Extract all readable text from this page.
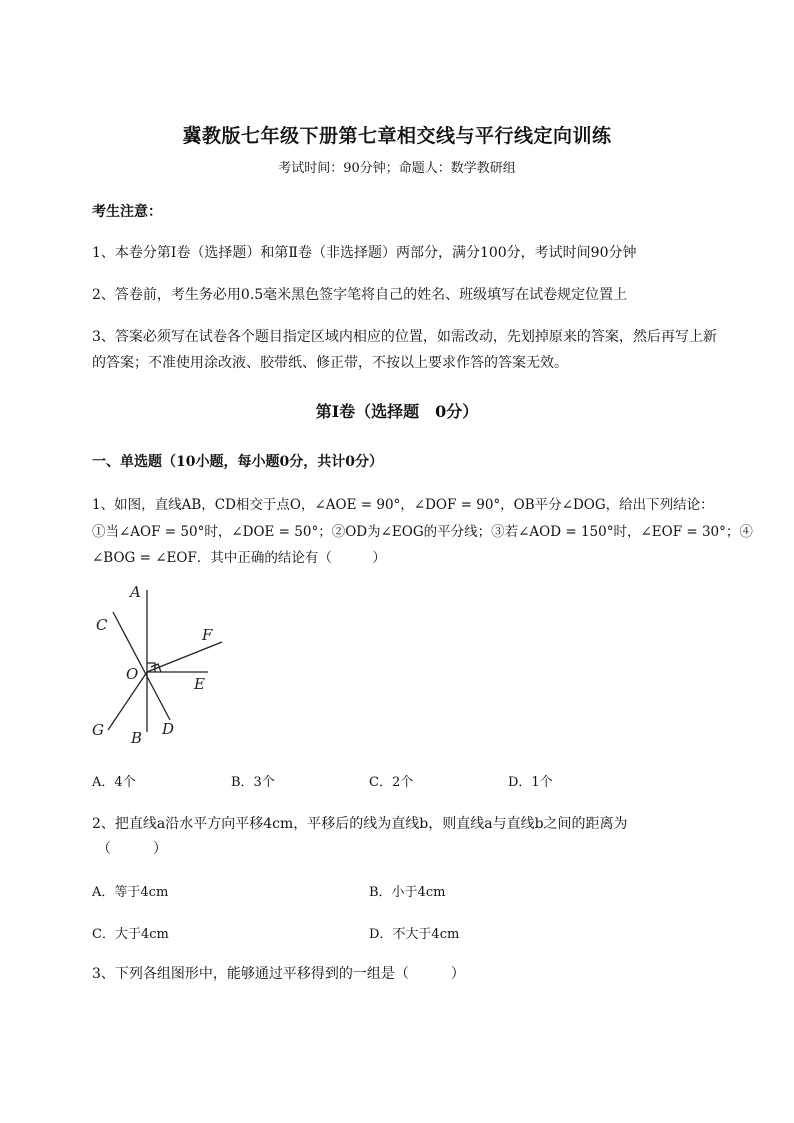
冀教版七年级下册第七章相交线与平行线定向训练
考试时间：90分钟；命题人：数学教研组
考生注意：
1、本卷分第Ⅰ卷（选择题）和第Ⅱ卷（非选择题）两部分，满分100分，考试时间90分钟
2、答卷前，考生务必用0.5毫米黑色签字笔将自己的姓名、班级填写在试卷规定位置上
3、答案必须写在试卷各个题目指定区域内相应的位置，如需改动，先划掉原来的答案，然后再写上新
的答案；不准使用涂改液、胶带纸、修正带，不按以上要求作答的答案无效。
第Ⅰ卷（选择题　0分）
一、单选题（10小题，每小题0分，共计0分）
1、如图，直线AB，CD相交于点O，∠AOE = 90°，∠DOF = 90°，OB平分∠DOG，给出下列结论：
①当∠AOF = 50°时，∠DOE = 50°；②OD为∠EOG的平分线；③若∠AOD = 150°时，∠EOF = 30°；④
∠BOG = ∠EOF．其中正确的结论有（　　　）
A
C
F
O
E
G B D
A．4个	B．3个	C．2个	D．1个
2、把直线a沿水平方向平移4cm，平移后的线为直线b，则直线a与直线b之间的距离为
（　　　）
A．等于4cm	B．小于4cm
C．大于4cm	D．不大于4cm
3、下列各组图形中，能够通过平移得到的一组是（　　　）
